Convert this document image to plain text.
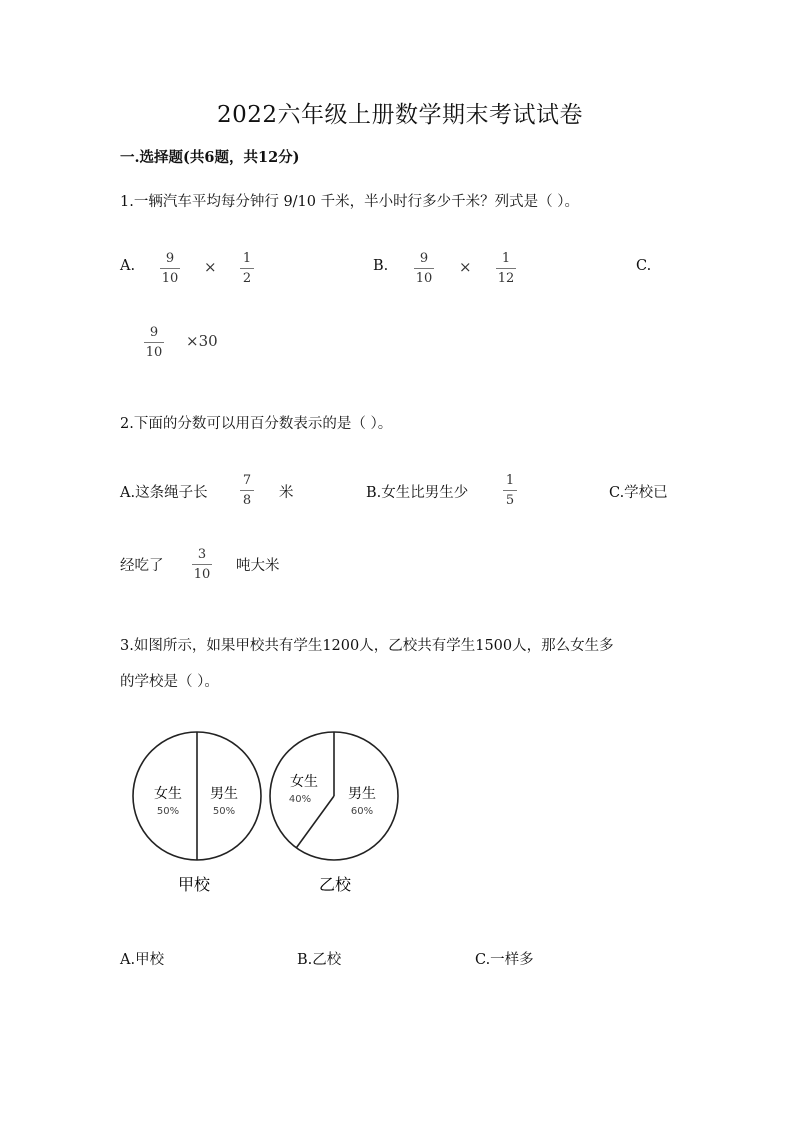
2022六年级上册数学期末考试试卷
一.选择题(共6题，共12分)
1.一辆汽车平均每分钟行 9/10 千米，半小时行多少千米？列式是（ ）。
A.	9
10
× 1
2
B.	9
10
×	1
12
C.
9
10
×30
2.下面的分数可以用百分数表示的是（ ）。
A.这条绳子长
7
8 米	B.女生比男生少
1
5	C.学校已
经吃了
3
10
吨大米
3.如图所示，如果甲校共有学生1200人，乙校共有学生1500人，那么女生多
的学校是（ ）。
女生
50%
男生
50%
甲校
女生
40%	男生
60%
乙校
A.甲校	B.乙校	C.一样多
